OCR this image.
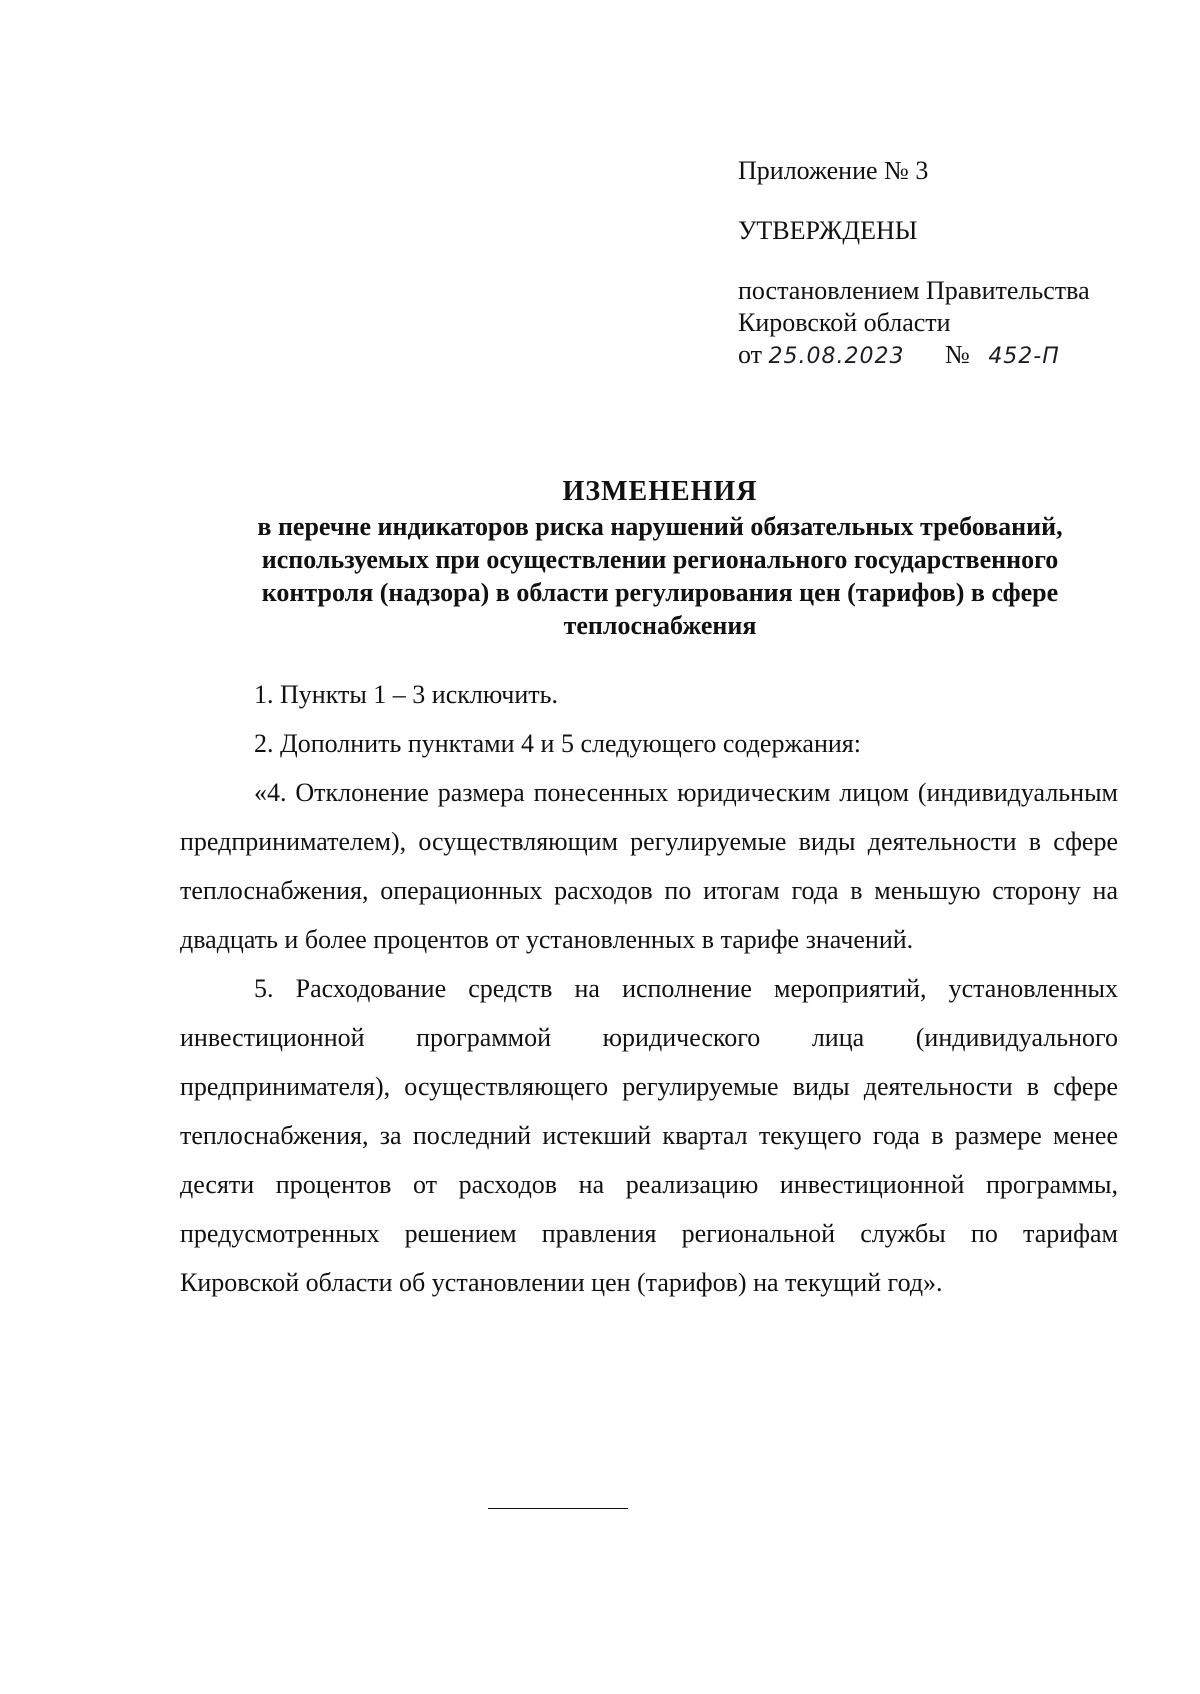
Приложение № 3
УТВЕРЖДЕНЫ
постановлением Правительства
Кировской области
от 25.08.2023 № 452-П
ИЗМЕНЕНИЯ
в перечне индикаторов риска нарушений обязательных требований,
используемых при осуществлении регионального государственного
контроля (надзора) в области регулирования цен (тарифов) в сфере
теплоснабжения

1. Пункты 1 – 3 исключить.

2. Дополнить пунктами 4 и 5 следующего содержания:

«4. Отклонение размера понесенных юридическим лицом (индивидуальным предпринимателем), осуществляющим регулируемые виды деятельности в сфере теплоснабжения, операционных расходов по итогам года в меньшую сторону на двадцать и более процентов от установленных в тарифе значений.

5. Расходование средств на исполнение мероприятий, установленных инвестиционной программой юридического лица (индивидуального предпринимателя), осуществляющего регулируемые виды деятельности в сфере теплоснабжения, за последний истекший квартал текущего года в размере менее десяти процентов от расходов на реализацию инвестиционной программы, предусмотренных решением правления региональной службы по тарифам Кировской области об установлении цен (тарифов) на текущий год».
